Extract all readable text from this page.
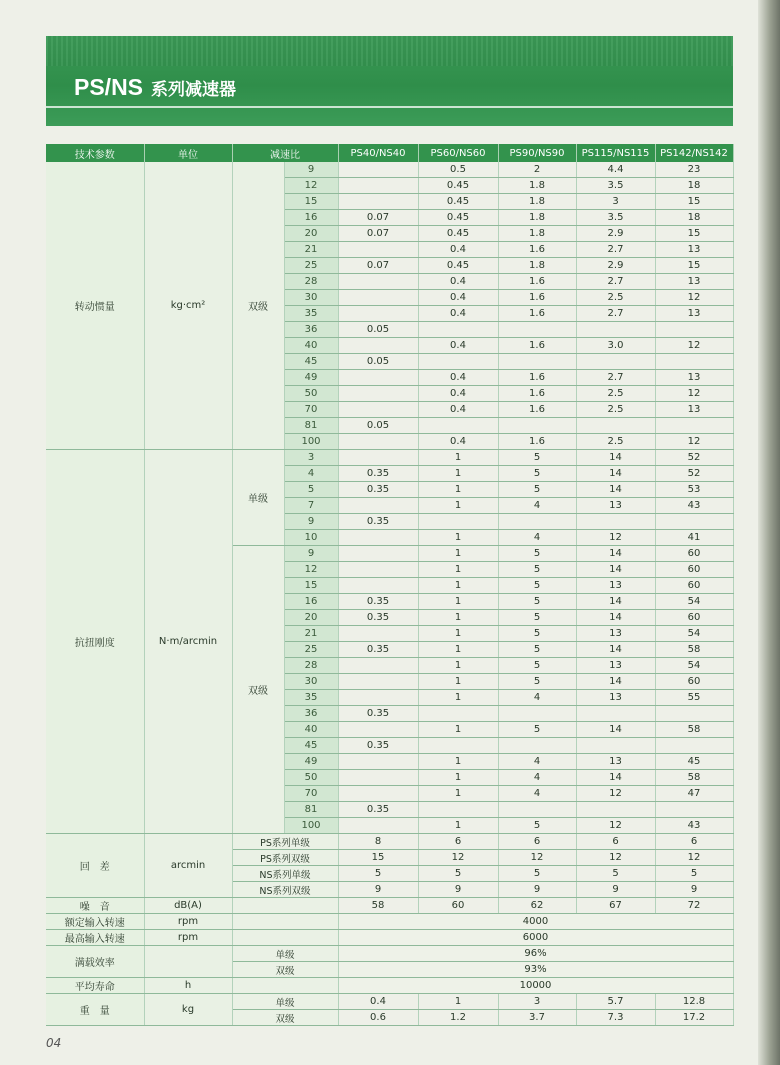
PS/NS 系列减速器
技术参数	单位	减速比		PS40/NS40	PS60/NS60	PS90/NS90	PS115/NS115	PS142/NS142
转动惯量	kg·cm²	双级	9		0.5	2	4.4	23
			12		0.45	1.8	3.5	18
			15		0.45	1.8	3	15
			16	0.07	0.45	1.8	3.5	18
			20	0.07	0.45	1.8	2.9	15
			21		0.4	1.6	2.7	13
			25	0.07	0.45	1.8	2.9	15
			28		0.4	1.6	2.7	13
			30		0.4	1.6	2.5	12
			35		0.4	1.6	2.7	13
			36	0.05				
			40		0.4	1.6	3.0	12
			45	0.05				
			49		0.4	1.6	2.7	13
			50		0.4	1.6	2.5	12
			70		0.4	1.6	2.5	13
			81	0.05				
			100		0.4	1.6	2.5	12
抗扭刚度	N·m/arcmin	单级	3		1	5	14	52
			4	0.35	1	5	14	52
			5	0.35	1	5	14	53
			7		1	4	13	43
			9	0.35				
			10		1	4	12	41
		双级	9		1	5	14	60
			12		1	5	14	60
			15		1	5	13	60
			16	0.35	1	5	14	54
			20	0.35	1	5	14	60
			21		1	5	13	54
			25	0.35	1	5	14	58
			28		1	5	13	54
			30		1	5	14	60
			35		1	4	13	55
			36	0.35				
			40		1	5	14	58
			45	0.35				
			49		1	4	13	45
			50		1	4	14	58
			70		1	4	12	47
			81	0.35				
			100		1	5	12	43
回　差	arcmin	PS系列单级		8	6	6	6	6
		PS系列双级		15	12	12	12	12
		NS系列单级		5	5	5	5	5
		NS系列双级		9	9	9	9	9
噪　音	dB(A)			58	60	62	67	72
额定输入转速	rpm			4000				
最高输入转速	rpm			6000				
满载效率		单级		96%				
		双级		93%				
平均寿命	h			10000				
重　量	kg	单级		0.4	1	3	5.7	12.8
		双级		0.6	1.2	3.7	7.3	17.2
04
